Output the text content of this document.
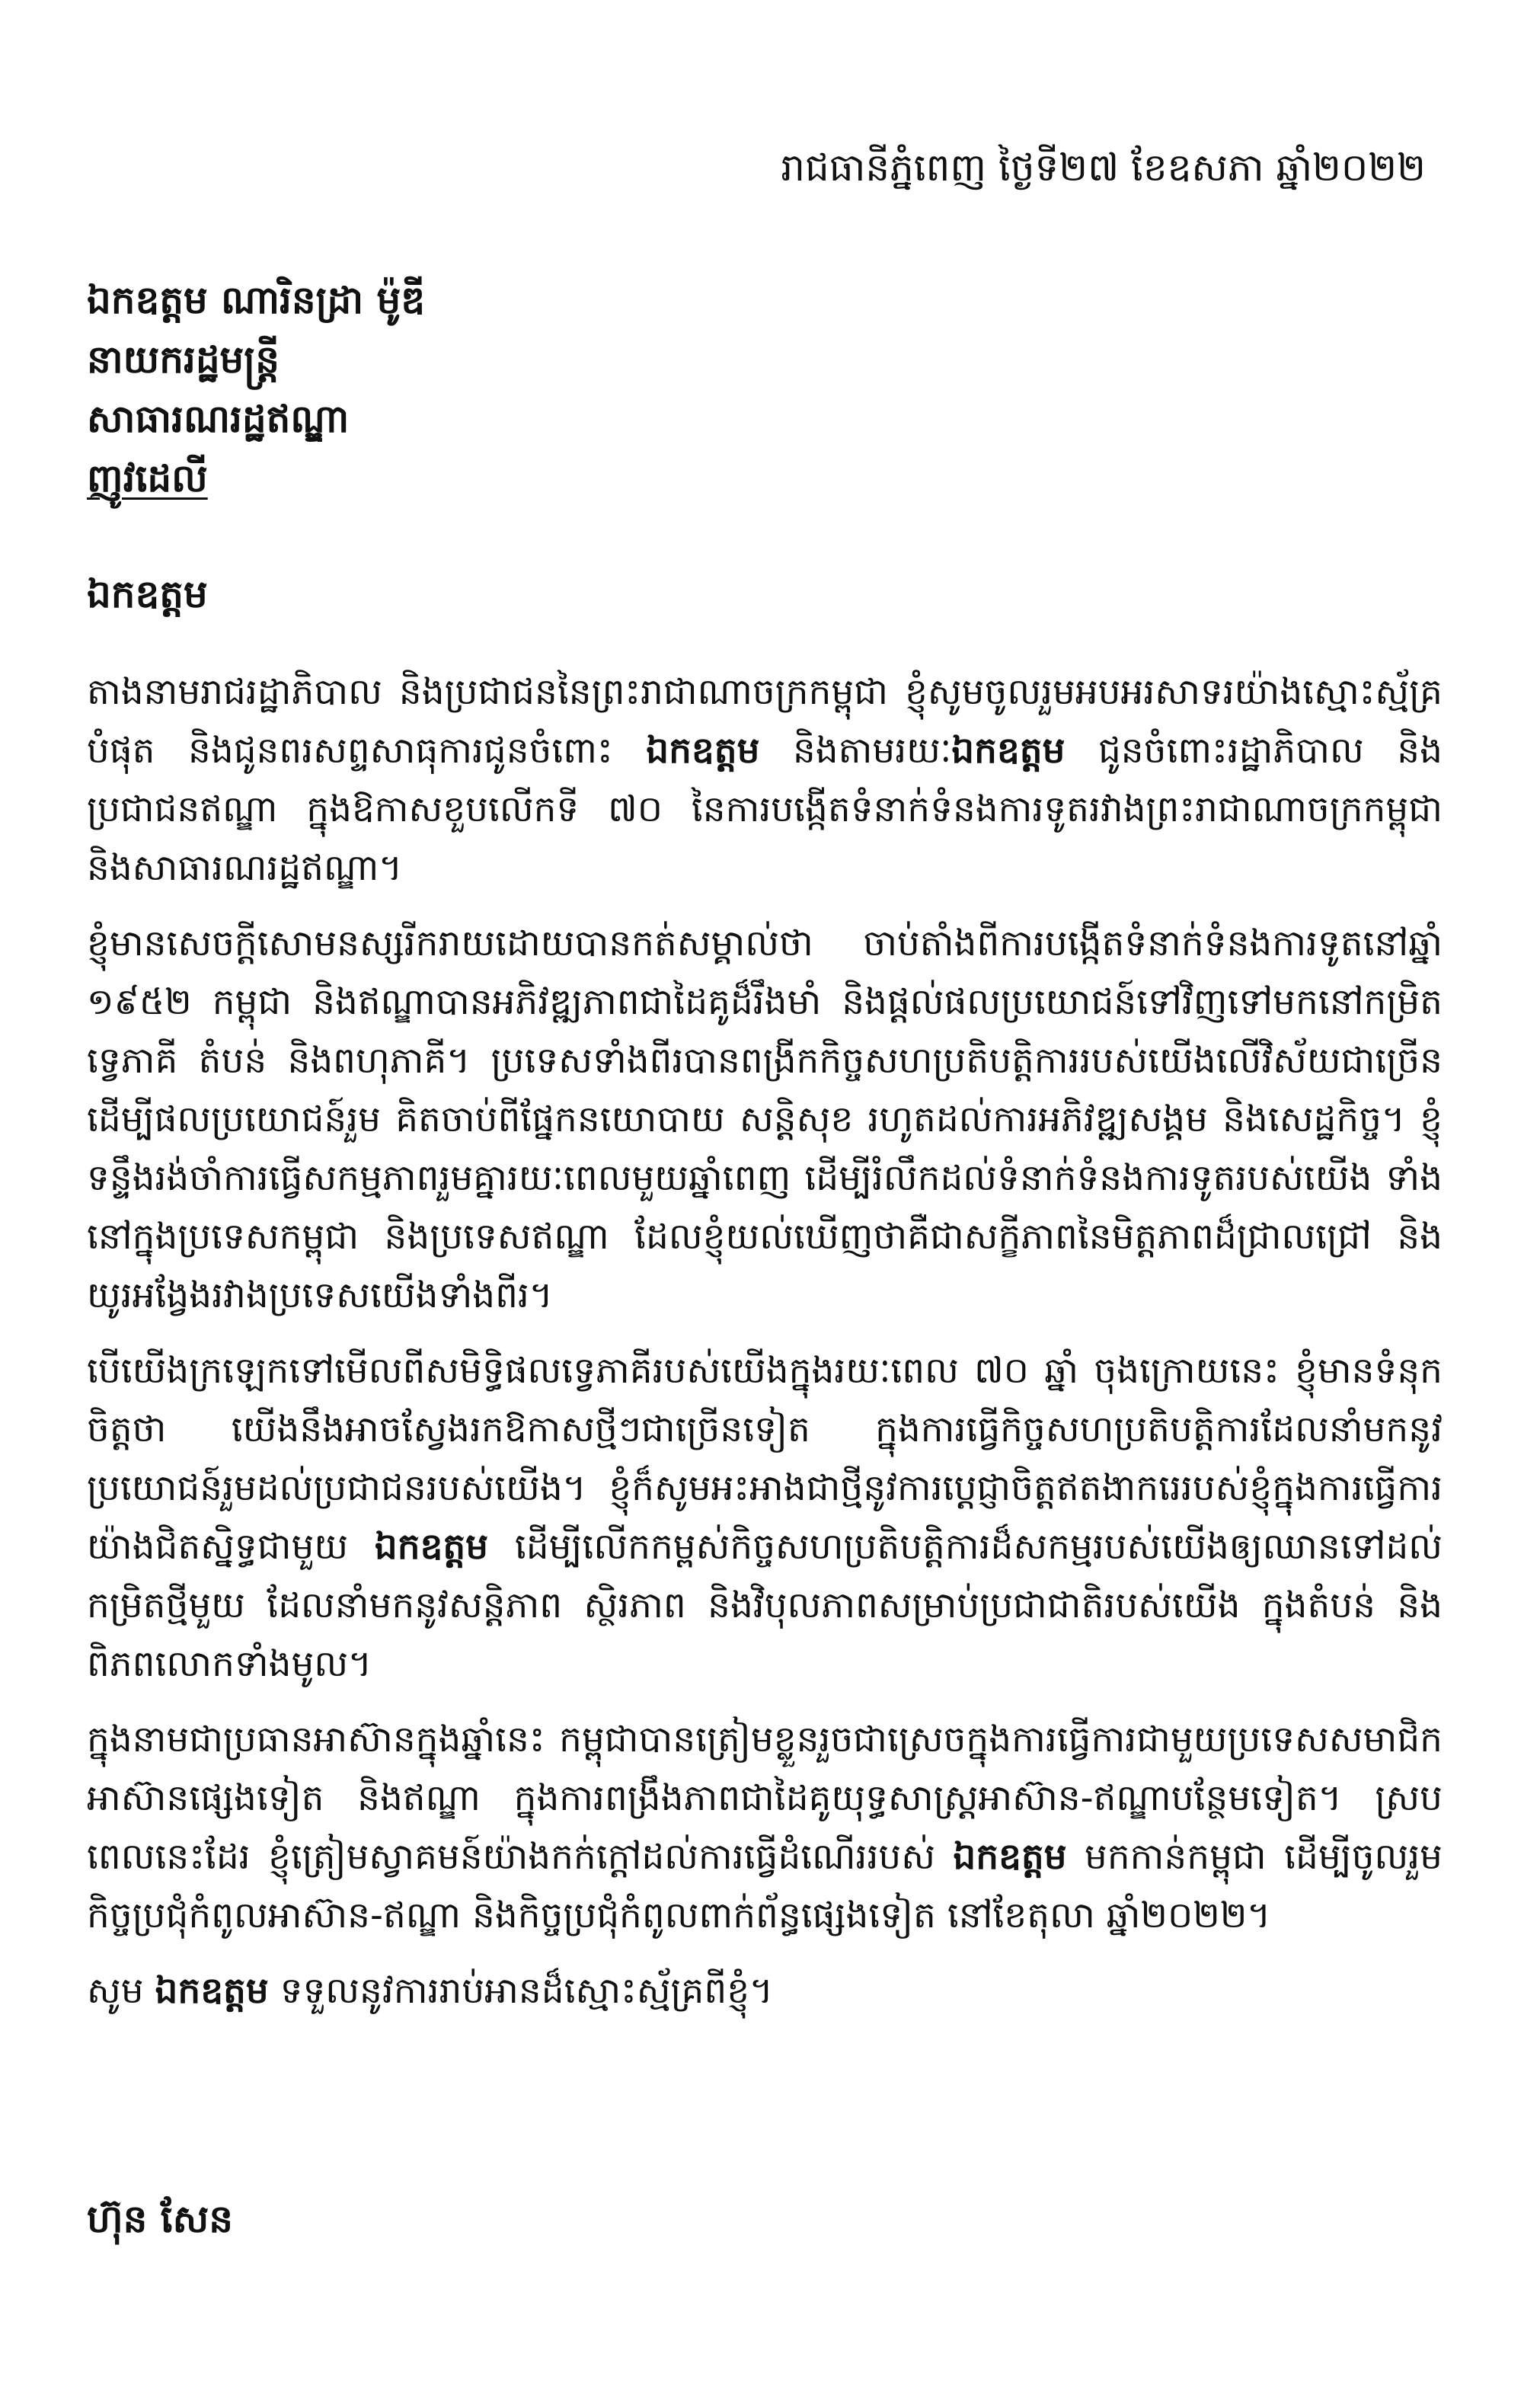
រាជធានីភ្នំពេញ ថ្ងៃទី២៧ ខែឧសភា ឆ្នាំ២០២២
ឯកឧត្តម ណារិនដ្រា ម៉ូឌី
នាយករដ្ឋមន្ត្រី
សាធារណរដ្ឋឥណ្ឌា
ញូវដេលី
ឯកឧត្តម

តាងនាមរាជរដ្ឋាភិបាល និងប្រជាជននៃព្រះរាជាណាចក្រកម្ពុជា ខ្ញុំសូមចូលរួមអបអរសាទរយ៉ាងស្មោះស្ម័គ្របំផុត និងជូនពរសព្ទសាធុការជូនចំពោះ ឯកឧត្តម និងតាមរយៈឯកឧត្តម ជូនចំពោះរដ្ឋាភិបាល និងប្រជាជនឥណ្ឌា ក្នុងឱកាសខួបលើកទី ៧០ នៃការបង្កើតទំនាក់ទំនងការទូតរវាងព្រះរាជាណាចក្រកម្ពុជា និងសាធារណរដ្ឋឥណ្ឌា។

ខ្ញុំមានសេចក្តីសោមនស្សរីករាយដោយបានកត់សម្គាល់ថា ចាប់តាំងពីការបង្កើតទំនាក់ទំនងការទូតនៅឆ្នាំ ១៩៥២ កម្ពុជា និងឥណ្ឌាបានអភិវឌ្ឍភាពជាដៃគូដ៏រឹងមាំ និងផ្តល់ផលប្រយោជន៍ទៅវិញទៅមកនៅកម្រិតទ្វេភាគី តំបន់ និងពហុភាគី។ ប្រទេសទាំងពីរបានពង្រីកកិច្ចសហប្រតិបត្តិការរបស់យើងលើវិស័យជាច្រើន ដើម្បីផលប្រយោជន៍រួម គិតចាប់ពីផ្នែកនយោបាយ សន្តិសុខ រហូតដល់ការអភិវឌ្ឍសង្គម និងសេដ្ឋកិច្ច។ ខ្ញុំទន្ទឹងរង់ចាំការធ្វើសកម្មភាពរួមគ្នារយៈពេលមួយឆ្នាំពេញ ដើម្បីរំលឹកដល់ទំនាក់ទំនងការទូតរបស់យើង ទាំងនៅក្នុងប្រទេសកម្ពុជា និងប្រទេសឥណ្ឌា ដែលខ្ញុំយល់ឃើញថាគឺជាសក្ខីភាពនៃមិត្តភាពដ៏ជ្រាលជ្រៅ និងយូរអង្វែងរវាងប្រទេសយើងទាំងពីរ។

បើយើងក្រឡេកទៅមើលពីសមិទ្ធិផលទ្វេភាគីរបស់យើងក្នុងរយៈពេល ៧០ ឆ្នាំ ចុងក្រោយនេះ ខ្ញុំមានទំនុកចិត្តថា យើងនឹងអាចស្វែងរកឱកាសថ្មីៗជាច្រើនទៀត ក្នុងការធ្វើកិច្ចសហប្រតិបត្តិការដែលនាំមកនូវប្រយោជន៍រួមដល់ប្រជាជនរបស់យើង។ ខ្ញុំក៏សូមអះអាងជាថ្មីនូវការប្តេជ្ញាចិត្តឥតងាករេរបស់ខ្ញុំក្នុងការធ្វើការយ៉ាងជិតស្និទ្ធជាមួយ ឯកឧត្តម ដើម្បីលើកកម្ពស់កិច្ចសហប្រតិបត្តិការដ៏សកម្មរបស់យើងឲ្យឈានទៅដល់កម្រិតថ្មីមួយ ដែលនាំមកនូវសន្តិភាព ស្ថិរភាព និងវិបុលភាពសម្រាប់ប្រជាជាតិរបស់យើង ក្នុងតំបន់ និងពិភពលោកទាំងមូល។

ក្នុងនាមជាប្រធានអាស៊ានក្នុងឆ្នាំនេះ កម្ពុជាបានត្រៀមខ្លួនរួចជាស្រេចក្នុងការធ្វើការជាមួយប្រទេសសមាជិកអាស៊ានផ្សេងទៀត និងឥណ្ឌា ក្នុងការពង្រឹងភាពជាដៃគូយុទ្ធសាស្ត្រអាស៊ាន-ឥណ្ឌាបន្ថែមទៀត។ ស្របពេលនេះដែរ ខ្ញុំត្រៀមស្វាគមន៍យ៉ាងកក់ក្តៅដល់ការធ្វើដំណើររបស់ ឯកឧត្តម មកកាន់កម្ពុជា ដើម្បីចូលរួមកិច្ចប្រជុំកំពូលអាស៊ាន-ឥណ្ឌា និងកិច្ចប្រជុំកំពូលពាក់ព័ន្ធផ្សេងទៀត នៅខែតុលា ឆ្នាំ២០២២។

សូម ឯកឧត្តម ទទួលនូវការរាប់អានដ៏ស្មោះស្ម័គ្រពីខ្ញុំ។

ហ៊ុន សែន
